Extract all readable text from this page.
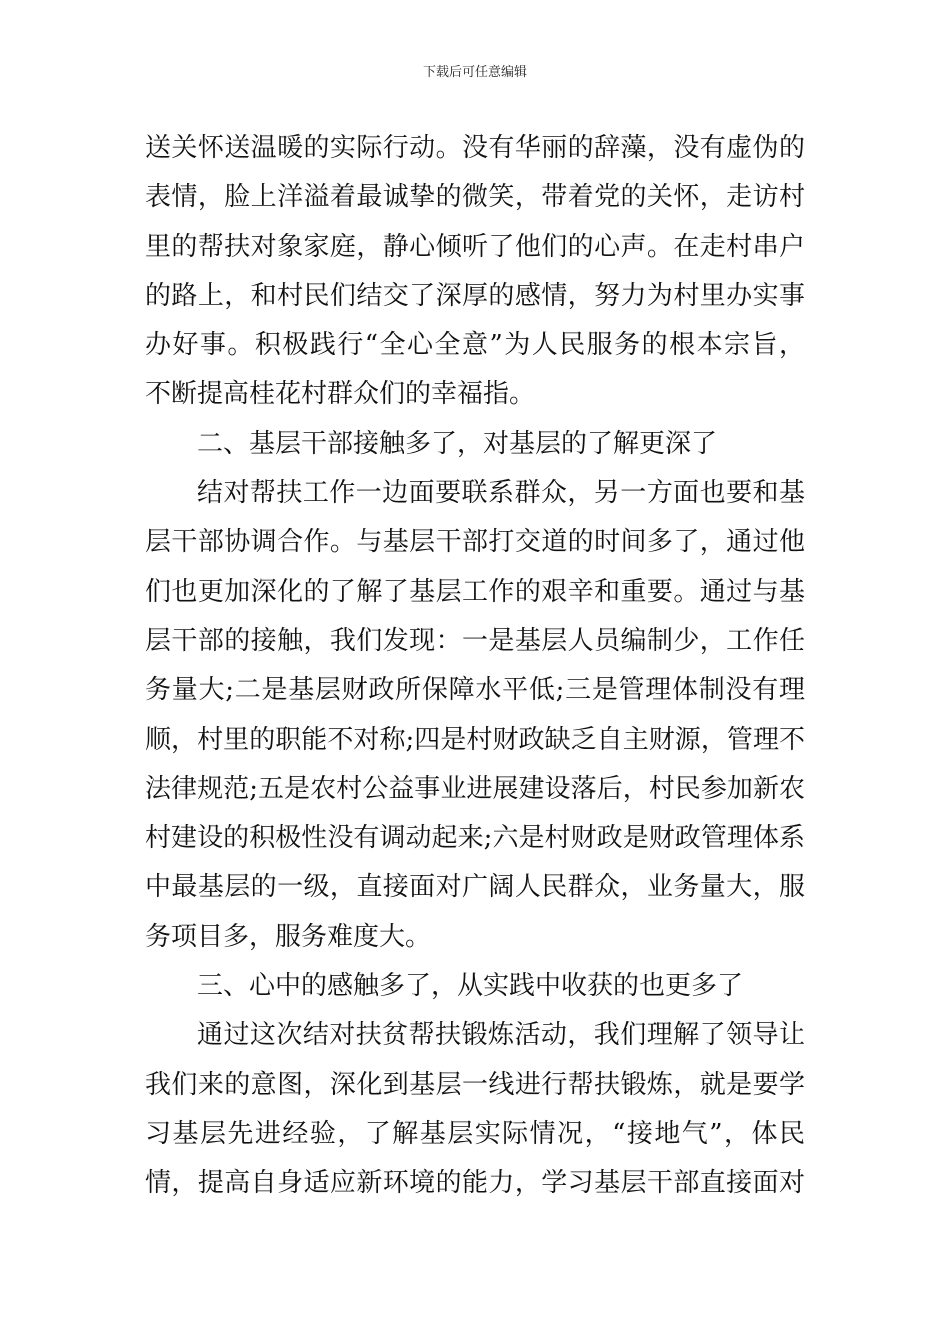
下载后可任意编辑
送关怀送温暖的实际行动。没有华丽的辞藻，没有虚伪的
表情，脸上洋溢着最诚挚的微笑，带着党的关怀，走访村
里的帮扶对象家庭，静心倾听了他们的心声。在走村串户
的路上，和村民们结交了深厚的感情，努力为村里办实事
办好事。积极践行“全心全意”为人民服务的根本宗旨，
不断提高桂花村群众们的幸福指。
二、基层干部接触多了，对基层的了解更深了
结对帮扶工作一边面要联系群众，另一方面也要和基
层干部协调合作。与基层干部打交道的时间多了，通过他
们也更加深化的了解了基层工作的艰辛和重要。通过与基
层干部的接触，我们发现：一是基层人员编制少，工作任
务量大;二是基层财政所保障水平低;三是管理体制没有理
顺，村里的职能不对称;四是村财政缺乏自主财源，管理不
法律规范;五是农村公益事业进展建设落后，村民参加新农
村建设的积极性没有调动起来;六是村财政是财政管理体系
中最基层的一级，直接面对广阔人民群众，业务量大，服
务项目多，服务难度大。
三、心中的感触多了，从实践中收获的也更多了
通过这次结对扶贫帮扶锻炼活动，我们理解了领导让
我们来的意图，深化到基层一线进行帮扶锻炼，就是要学
习基层先进经验，了解基层实际情况，“接地气”，体民
情，提高自身适应新环境的能力，学习基层干部直接面对
